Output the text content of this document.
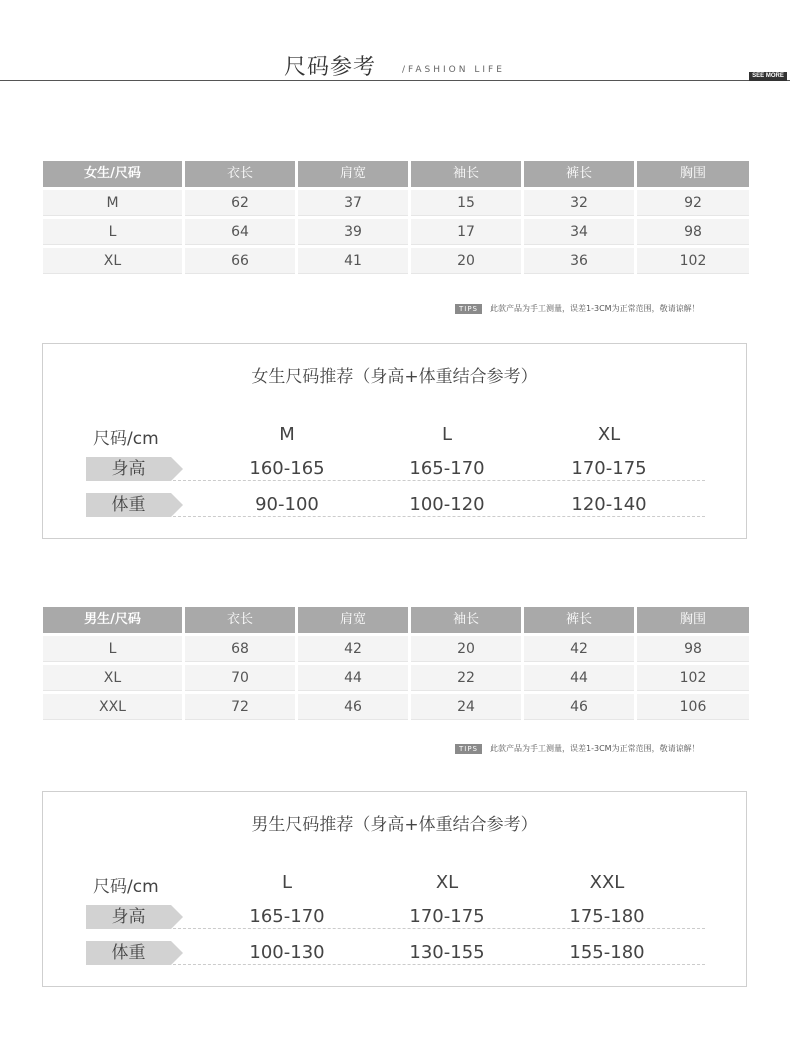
尺码参考	/FASHION LIFE
SEE MORE
女生/尺码	衣长	肩宽	袖长	裤长	胸围
M	62	37	15	32	92
L	64	39	17	34	98
XL	66	41	20	36	102
TIPS	此款产品为手工测量，误差1-3CM为正常范围，敬请谅解！
女生尺码推荐（身高+体重结合参考）
尺码/cm	M	L	XL
身高	160-165	165-170	170-175
体重	90-100	100-120	120-140
男生/尺码	衣长	肩宽	袖长	裤长	胸围
L	68	42	20	42	98
XL	70	44	22	44	102
XXL	72	46	24	46	106
TIPS	此款产品为手工测量，误差1-3CM为正常范围，敬请谅解！
男生尺码推荐（身高+体重结合参考）
尺码/cm	L	XL	XXL
身高	165-170	170-175	175-180
体重	100-130	130-155	155-180
